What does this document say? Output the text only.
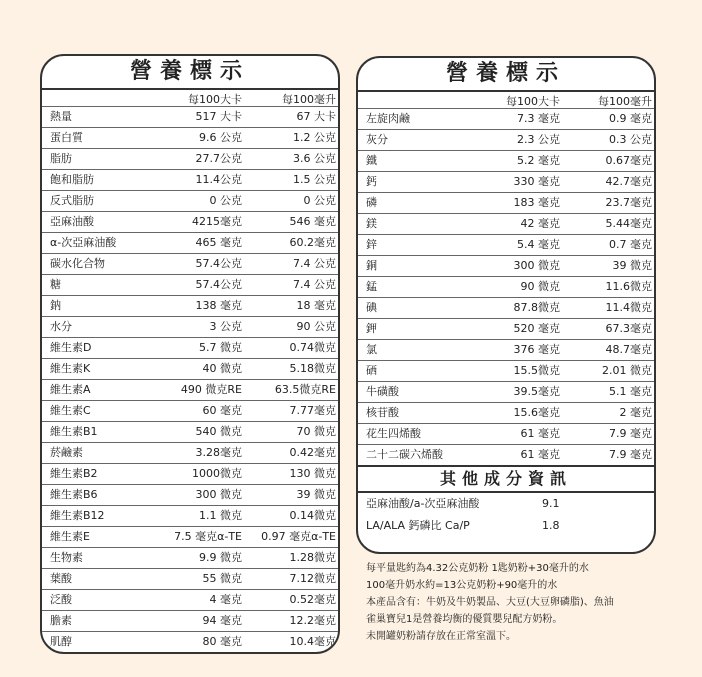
營養標示
每100大卡	每100毫升
熱量	517 大卡	67 大卡
蛋白質	9.6 公克	1.2 公克
脂肪	27.7公克	3.6 公克
飽和脂肪	11.4公克	1.5 公克
反式脂肪	0 公克	0 公克
亞麻油酸	4215毫克	546 毫克
α-次亞麻油酸	465 毫克	60.2毫克
碳水化合物	57.4公克	7.4 公克
糖	57.4公克	7.4 公克
鈉	138 毫克	18 毫克
水分	3 公克	90 公克
維生素D	5.7 微克	0.74微克
維生素K	40 微克	5.18微克
維生素A	490 微克RE	63.5微克RE
維生素C	60 毫克	7.77毫克
維生素B1	540 微克	70 微克
菸鹼素	3.28毫克	0.42毫克
維生素B2	1000微克	130 微克
維生素B6	300 微克	39 微克
維生素B12	1.1 微克	0.14微克
維生素E	7.5 毫克α-TE	0.97 毫克α-TE
生物素	9.9 微克	1.28微克
葉酸	55 微克	7.12微克
泛酸	4 毫克	0.52毫克
膽素	94 毫克	12.2毫克
肌醇	80 毫克	10.4毫克
營養標示
每100大卡	每100毫升
左旋肉鹼	7.3 毫克	0.9 毫克
灰分	2.3 公克	0.3 公克
鐵	5.2 毫克	0.67毫克
鈣	330 毫克	42.7毫克
磷	183 毫克	23.7毫克
鎂	42 毫克	5.44毫克
鋅	5.4 毫克	0.7 毫克
銅	300 微克	39 微克
錳	90 微克	11.6微克
碘	87.8微克	11.4微克
鉀	520 毫克	67.3毫克
氯	376 毫克	48.7毫克
硒	15.5微克	2.01 微克
牛磺酸	39.5毫克	5.1 毫克
核苷酸	15.6毫克	2 毫克
花生四烯酸	61 毫克	7.9 毫克
二十二碳六烯酸	61 毫克	7.9 毫克
其他成分資訊
亞麻油酸/a-次亞麻油酸	9.1
LA/ALA 鈣磷比 Ca/P	1.8
每平量匙約為4.32公克奶粉 1匙奶粉+30毫升的水
100毫升奶水約=13公克奶粉+90毫升的水
本產品含有：牛奶及牛奶製品、大豆(大豆卵磷脂)、魚油
雀巢寶兒1是營養均衡的優質嬰兒配方奶粉。
未開罐奶粉請存放在正常室溫下。
